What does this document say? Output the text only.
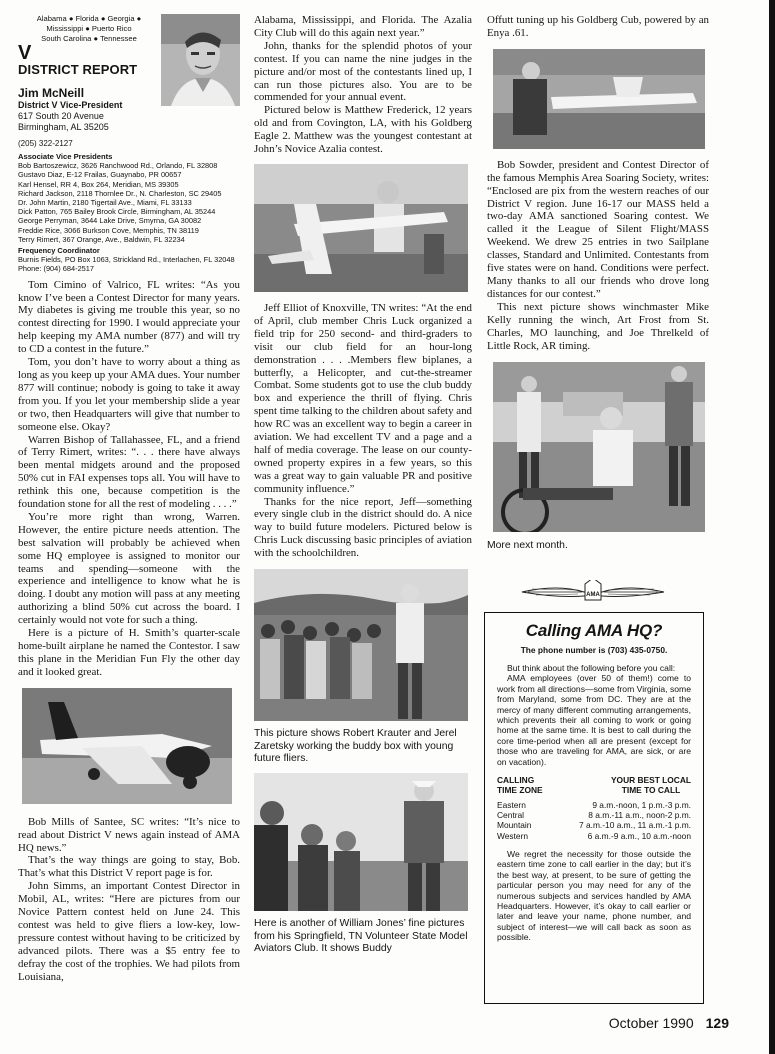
Alabama ● Florida ● Georgia ● Mississippi ● Puerto Rico
South Carolina ● Tennessee
V
DISTRICT REPORT
Jim McNeill
District V Vice-President
617 South 20 Avenue
Birmingham, AL 35205
(205) 322-2127
Associate Vice Presidents
Bob Bartoszewicz, 3626 Ranchwood Rd., Orlando, FL 32808
Gustavo Diaz, E-12 Frailas, Guaynabo, PR 00657
Karl Hensel, RR 4, Box 264, Meridian, MS 39305
Richard Jackson, 2118 Thornlee Dr., N. Charleston, SC 29405
Dr. John Martin, 2180 Tigertail Ave., Miami, FL 33133
Dick Patton, 765 Bailey Brook Circle, Birmingham, AL 35244
George Perryman, 3644 Lake Drive, Smyrna, GA 30082
Freddie Rice, 3066 Burkson Cove, Memphis, TN 38119
Terry Rimert, 367 Orange, Ave., Baldwin, FL 32234
Frequency Coordinator
Burnis Fields, PO Box 1063, Strickland Rd., Interlachen, FL 32048
Phone: (904) 684-2517

Tom Cimino of Valrico, FL writes: “As you know I’ve been a Contest Director for many years. My diabetes is giving me trouble this year, so no contest directing for 1990. I would appreciate your help keeping my AMA number (877) and will try to CD a contest in the future.”

Tom, you don’t have to worry about a thing as long as you keep up your AMA dues. Your number 877 will continue; nobody is going to take it away from you. If you let your membership slide a year or two, then Headquarters will give that number to someone else. Okay?

Warren Bishop of Tallahassee, FL, and a friend of Terry Rimert, writes: “. . . there have always been mental midgets around and the proposed 50% cut in FAI expenses tops all. You will have to rethink this one, because competition is the foundation stone for all the rest of modeling . . . .”

You’re more right than wrong, Warren. However, the entire picture needs attention. The best salvation will probably be achieved when some HQ employee is assigned to monitor our teams and spending—someone with the experience and intelligence to know what he is doing. I doubt any motion will pass at any meeting authorizing a blind 50% cut across the board. I certainly would not vote for such a thing.

Here is a picture of H. Smith’s quarter-scale home-built airplane he named the Contestor. I saw this plane in the Meridian Fun Fly the other day and it looked great.

Bob Mills of Santee, SC writes: “It’s nice to read about District V news again instead of AMA HQ news.”

That’s the way things are going to stay, Bob. That’s what this District V report page is for.

John Simms, an important Contest Director in Mobil, AL, writes: “Here are pictures from our Novice Pattern contest held on June 24. This contest was held to give fliers a low-key, low-pressure contest without having to be criticized by advanced pilots. There was a $5 entry fee to defray the cost of the trophies. We had pilots from Louisiana,

Alabama, Mississippi, and Florida. The Azalia City Club will do this again next year.”

John, thanks for the splendid photos of your contest. If you can name the nine judges in the picture and/or most of the contestants lined up, I can run those pictures also. You are to be commended for your annual event.

Pictured below is Matthew Frederick, 12 years old and from Covington, LA, with his Goldberg Eagle 2. Matthew was the youngest contestant at John’s Novice Azalia contest.

Jeff Elliot of Knoxville, TN writes: “At the end of April, club member Chris Luck organized a field trip for 250 second- and third-graders to visit our club field for an hour-long demonstration . . . .Members flew biplanes, a butterfly, a Helicopter, and cut-the-streamer Combat. Some students got to use the club buddy box and experience the thrill of flying. Chris spent time talking to the children about safety and how RC was an excellent way to begin a career in aviation. We had excellent TV and a page and a half of media coverage. The lease on our county-owned property expires in a few years, so this was a great way to gain valuable PR and positive community influence.”

Thanks for the nice report, Jeff—something every single club in the district should do. A nice way to build future modelers. Pictured below is Chris Luck discussing basic principles of aviation with the schoolchildren.

This picture shows Robert Krauter and Jerel Zaretsky working the buddy box with young future fliers.
Here is another of William Jones’ fine pictures from his Springfield, TN Volunteer State Model Aviators Club. It shows Buddy

Offutt tuning up his Goldberg Cub, powered by an Enya .61.

Bob Sowder, president and Contest Director of the famous Memphis Area Soaring Society, writes: “Enclosed are pix from the western reaches of our District V region. June 16-17 our MASS held a two-day AMA sanctioned Soaring contest. We called it the League of Silent Flight/MASS Weekend. We drew 25 entries in two Sailplane classes, Standard and Unlimited. Contestants from five states were on hand. Conditions were perfect. Many thanks to all our friends who drove long distances for our contest.”

This next picture shows winchmaster Mike Kelly running the winch, Art Frost from St. Charles, MO launching, and Joe Threlkeld of Little Rock, AR timing.

More next month.
AMA
Calling AMA HQ?
The phone number is (703) 435-0750.

But think about the following before you call:

AMA employees (over 50 of them!) come to work from all directions—some from Virginia, some from Maryland, some from DC. They are at the mercy of many different commuting arrangements, which prevents their all coming to work or going home at the same time. It is best to call during the core time-period when all are present (except for those who are traveling for AMA, are sick, or are on vacation).

CALLING
TIME ZONE
YOUR BEST LOCAL
TIME TO CALL
Eastern	9 a.m.-noon, 1 p.m.-3 p.m.
Central	8 a.m.-11 a.m., noon-2 p.m.
Mountain	7 a.m.-10 a.m., 11 a.m.-1 p.m.
Western	6 a.m.-9 a.m., 10 a.m.-noon

We regret the necessity for those outside the eastern time zone to call earlier in the day; but it’s the best way, at present, to be sure of getting the particular person you may need for any of the numerous subjects and services handled by AMA Headquarters. However, it’s okay to call earlier or later and leave your name, phone number, and subject of interest—we will call back as soon as possible.

October 1990 129
